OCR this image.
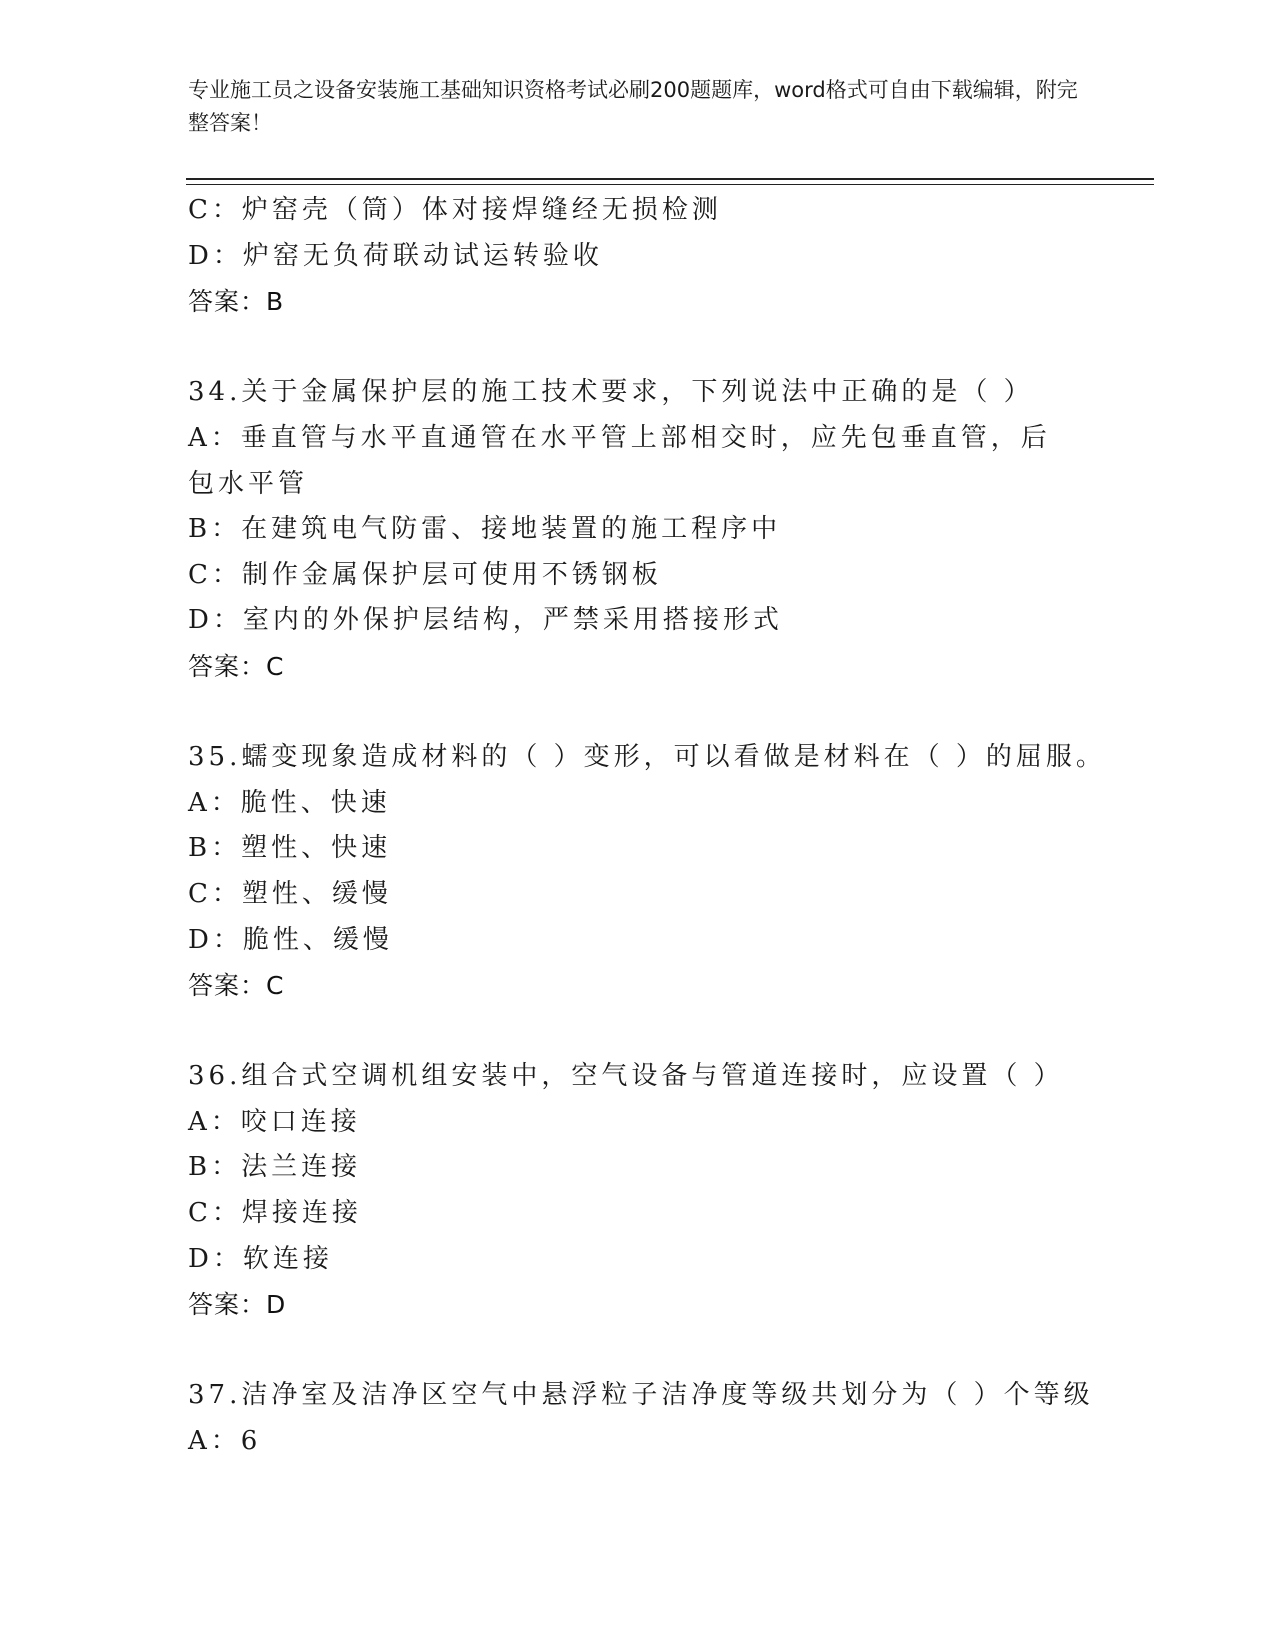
专业施工员之设备安装施工基础知识资格考试必刷200题题库，word格式可自由下载编辑，附完整答案！
C：炉窑壳（筒）体对接焊缝经无损检测
D：炉窑无负荷联动试运转验收
答案：B
34.关于金属保护层的施工技术要求，下列说法中正确的是（ ）
A：垂直管与水平直通管在水平管上部相交时，应先包垂直管，后包水平管
B：在建筑电气防雷、接地装置的施工程序中
C：制作金属保护层可使用不锈钢板
D：室内的外保护层结构，严禁采用搭接形式
答案：C
35.蠕变现象造成材料的（ ）变形，可以看做是材料在（ ）的屈服。
A：脆性、快速
B：塑性、快速
C：塑性、缓慢
D：脆性、缓慢
答案：C
36.组合式空调机组安装中，空气设备与管道连接时，应设置（ ）
A：咬口连接
B：法兰连接
C：焊接连接
D：软连接
答案：D
37.洁净室及洁净区空气中悬浮粒子洁净度等级共划分为（ ）个等级
A：6
